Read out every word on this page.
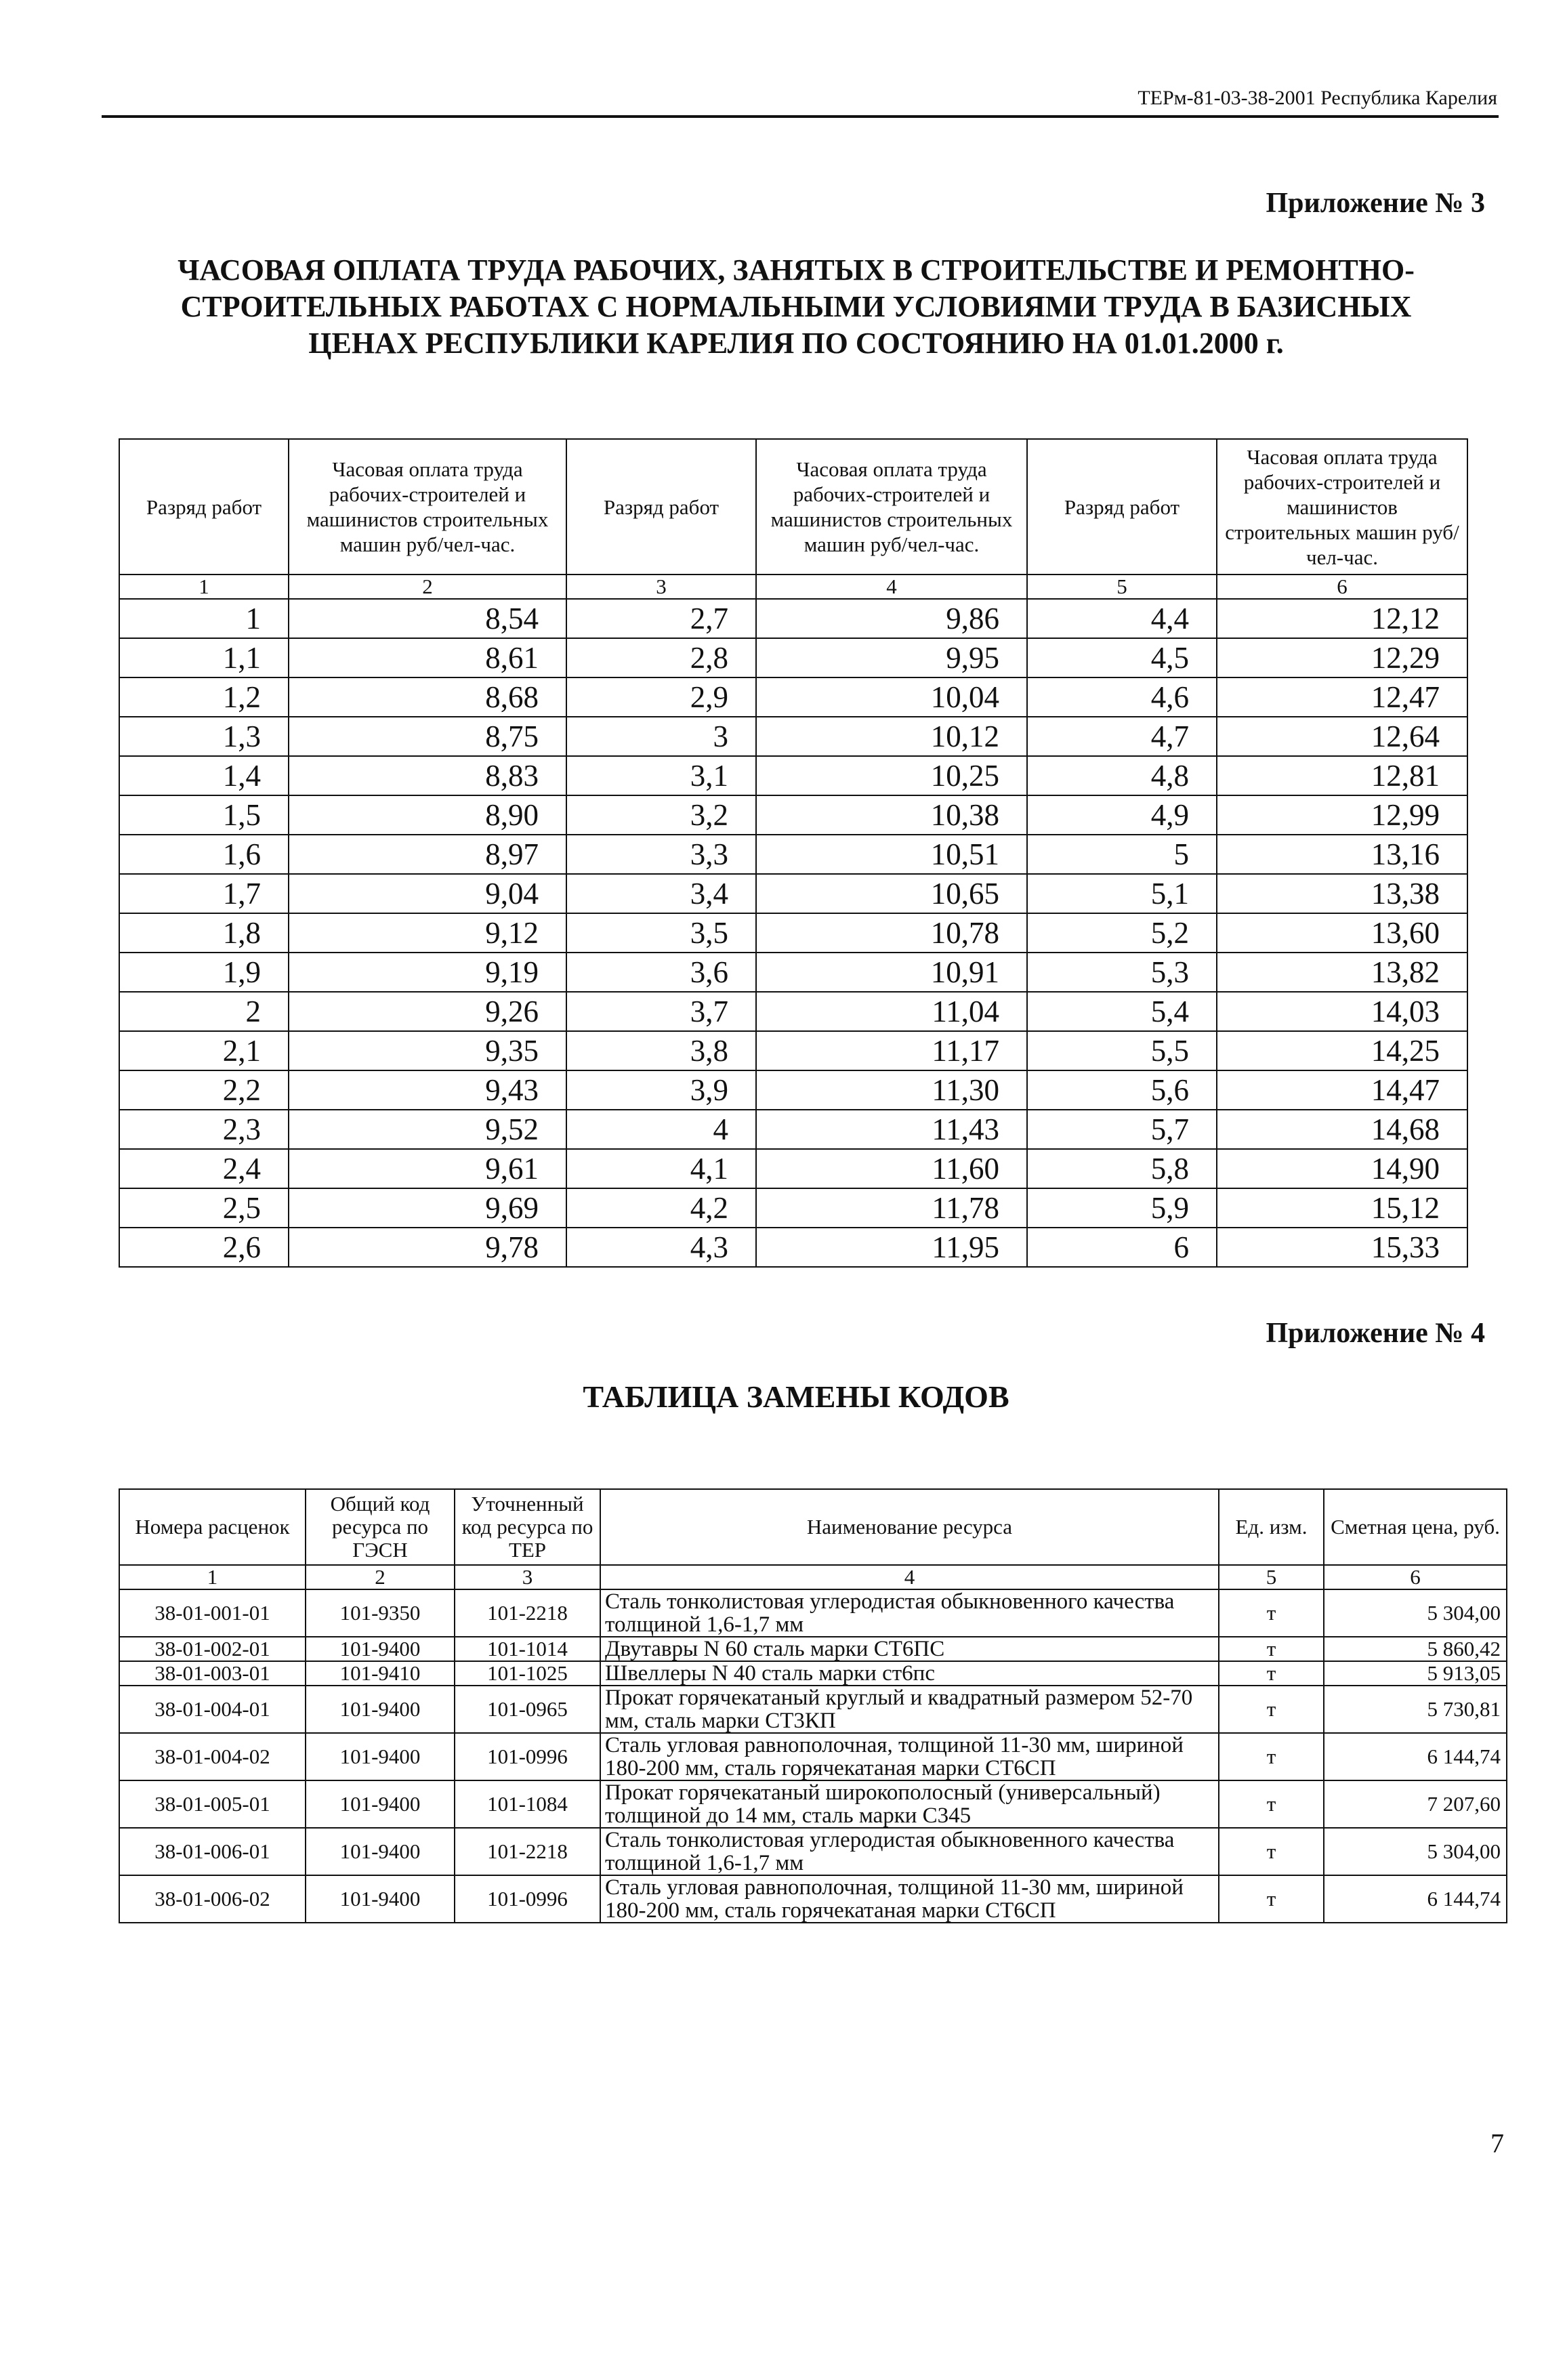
ТЕРм-81-03-38-2001 Республика Карелия
Приложение № 3
ЧАСОВАЯ ОПЛАТА ТРУДА РАБОЧИХ, ЗАНЯТЫХ В СТРОИТЕЛЬСТВЕ И РЕМОНТНО-
СТРОИТЕЛЬНЫХ РАБОТАХ С НОРМАЛЬНЫМИ УСЛОВИЯМИ ТРУДА В БАЗИСНЫХ
ЦЕНАХ РЕСПУБЛИКИ КАРЕЛИЯ ПО СОСТОЯНИЮ НА 01.01.2000 г.
Разряд работ	Часовая оплата труда рабочих-строителей и машинистов строительных машин руб/чел-час.	Разряд работ	Часовая оплата труда рабочих-строителей и машинистов строительных машин руб/чел-час.	Разряд работ	Часовая оплата труда рабочих-строителей и машинистов строительных машин руб/чел-час.
1	2	3	4	5	6
1	8,54	2,7	9,86	4,4	12,12
1,1	8,61	2,8	9,95	4,5	12,29
1,2	8,68	2,9	10,04	4,6	12,47
1,3	8,75	3	10,12	4,7	12,64
1,4	8,83	3,1	10,25	4,8	12,81
1,5	8,90	3,2	10,38	4,9	12,99
1,6	8,97	3,3	10,51	5	13,16
1,7	9,04	3,4	10,65	5,1	13,38
1,8	9,12	3,5	10,78	5,2	13,60
1,9	9,19	3,6	10,91	5,3	13,82
2	9,26	3,7	11,04	5,4	14,03
2,1	9,35	3,8	11,17	5,5	14,25
2,2	9,43	3,9	11,30	5,6	14,47
2,3	9,52	4	11,43	5,7	14,68
2,4	9,61	4,1	11,60	5,8	14,90
2,5	9,69	4,2	11,78	5,9	15,12
2,6	9,78	4,3	11,95	6	15,33
Приложение № 4
ТАБЛИЦА ЗАМЕНЫ КОДОВ
Номера расценок	Общий код ресурса по ГЭСН	Уточненный код ресурса по ТЕР	Наименование ресурса	Ед. изм.	Сметная цена, руб.
1	2	3	4	5	6
38-01-001-01	101-9350	101-2218	Сталь тонколистовая углеродистая обыкновенного качества толщиной 1,6-1,7 мм	т	5 304,00
38-01-002-01	101-9400	101-1014	Двутавры N 60 сталь марки СТ6ПС	т	5 860,42
38-01-003-01	101-9410	101-1025	Швеллеры N 40 сталь марки ст6пс	т	5 913,05
38-01-004-01	101-9400	101-0965	Прокат горячекатаный круглый и квадратный размером 52-70 мм, сталь марки СТ3КП	т	5 730,81
38-01-004-02	101-9400	101-0996	Сталь угловая равнополочная, толщиной 11-30 мм, шириной 180-200 мм, сталь горячекатаная марки СТ6СП	т	6 144,74
38-01-005-01	101-9400	101-1084	Прокат горячекатаный широкополосный (универсальный) толщиной до 14 мм, сталь марки С345	т	7 207,60
38-01-006-01	101-9400	101-2218	Сталь тонколистовая углеродистая обыкновенного качества толщиной 1,6-1,7 мм	т	5 304,00
38-01-006-02	101-9400	101-0996	Сталь угловая равнополочная, толщиной 11-30 мм, шириной 180-200 мм, сталь горячекатаная марки СТ6СП	т	6 144,74
7
